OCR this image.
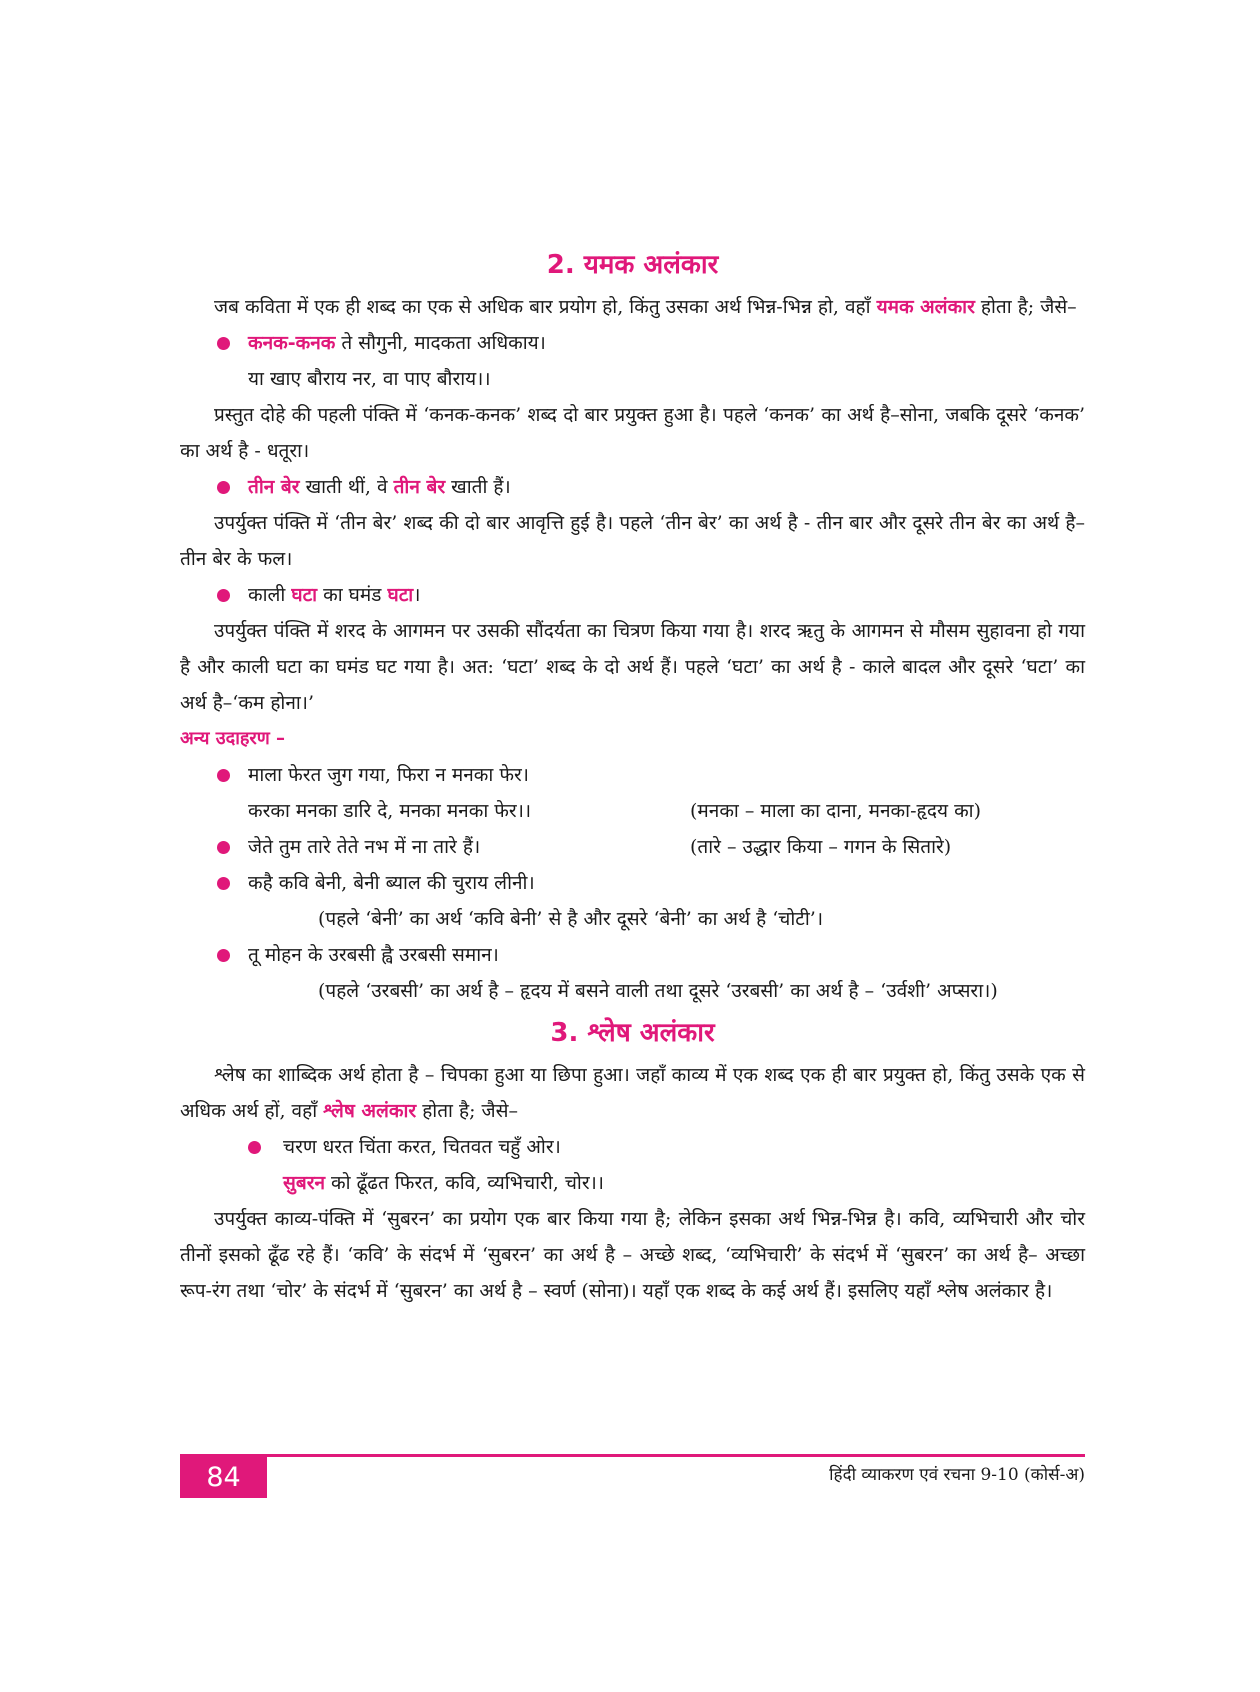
2. यमक अलंकार

जब कविता में एक ही शब्द का एक से अधिक बार प्रयोग हो, किंतु उसका अर्थ भिन्न-भिन्न हो, वहाँ यमक अलंकार होता है; जैसे–

कनक-कनक ते सौगुनी, मादकता अधिकाय।
या खाए बौराय नर, वा पाए बौराय।।

प्रस्तुत दोहे की पहली पंक्ति में ‘कनक-कनक’ शब्द दो बार प्रयुक्त हुआ है। पहले ‘कनक’ का अर्थ है–सोना, जबकि दूसरे ‘कनक’ का अर्थ है - धतूरा।

तीन बेर खाती थीं, वे तीन बेर खाती हैं।

उपर्युक्त पंक्ति में ‘तीन बेर’ शब्द की दो बार आवृत्ति हुई है। पहले ‘तीन बेर’ का अर्थ है - तीन बार और दूसरे तीन बेर का अर्थ है–तीन बेर के फल।

काली घटा का घमंड घटा।

उपर्युक्त पंक्ति में शरद के आगमन पर उसकी सौंदर्यता का चित्रण किया गया है। शरद ऋतु के आगमन से मौसम सुहावना हो गया है और काली घटा का घमंड घट गया है। अत: ‘घटा’ शब्द के दो अर्थ हैं। पहले ‘घटा’ का अर्थ है - काले बादल और दूसरे ‘घटा’ का अर्थ है–‘कम होना।’

अन्य उदाहरण –
माला फेरत जुग गया, फिरा न मनका फेर।
करका मनका डारि दे, मनका मनका फेर।।	(मनका – माला का दाना, मनका-हृदय का)
जेते तुम तारे तेते नभ में ना तारे हैं।	(तारे – उद्धार किया – गगन के सितारे)
कहै कवि बेनी, बेनी ब्याल की चुराय लीनी।
(पहले ‘बेनी’ का अर्थ ‘कवि बेनी’ से है और दूसरे ‘बेनी’ का अर्थ है ‘चोटी’।
तू मोहन के उरबसी ह्वै उरबसी समान।

(पहले ‘उरबसी’ का अर्थ है – हृदय में बसने वाली तथा दूसरे ‘उरबसी’ का अर्थ है – ‘उर्वशी’ अप्सरा।)

3. श्लेष अलंकार

श्लेष का शाब्दिक अर्थ होता है – चिपका हुआ या छिपा हुआ। जहाँ काव्य में एक शब्द एक ही बार प्रयुक्त हो, किंतु उसके एक से अधिक अर्थ हों, वहाँ श्लेष अलंकार होता है; जैसे–

चरण धरत चिंता करत, चितवत चहुँ ओर।
सुबरन को ढूँढत फिरत, कवि, व्यभिचारी, चोर।।

उपर्युक्त काव्य-पंक्ति में ‘सुबरन’ का प्रयोग एक बार किया गया है; लेकिन इसका अर्थ भिन्न-भिन्न है। कवि, व्यभिचारी और चोर तीनों इसको ढूँढ रहे हैं। ‘कवि’ के संदर्भ में ‘सुबरन’ का अर्थ है – अच्छे शब्द, ‘व्यभिचारी’ के संदर्भ में ‘सुबरन’ का अर्थ है– अच्छा रूप-रंग तथा ‘चोर’ के संदर्भ में ‘सुबरन’ का अर्थ है – स्वर्ण (सोना)। यहाँ एक शब्द के कई अर्थ हैं। इसलिए यहाँ श्लेष अलंकार है।

84	हिंदी व्याकरण एवं रचना 9-10 (कोर्स-अ)
